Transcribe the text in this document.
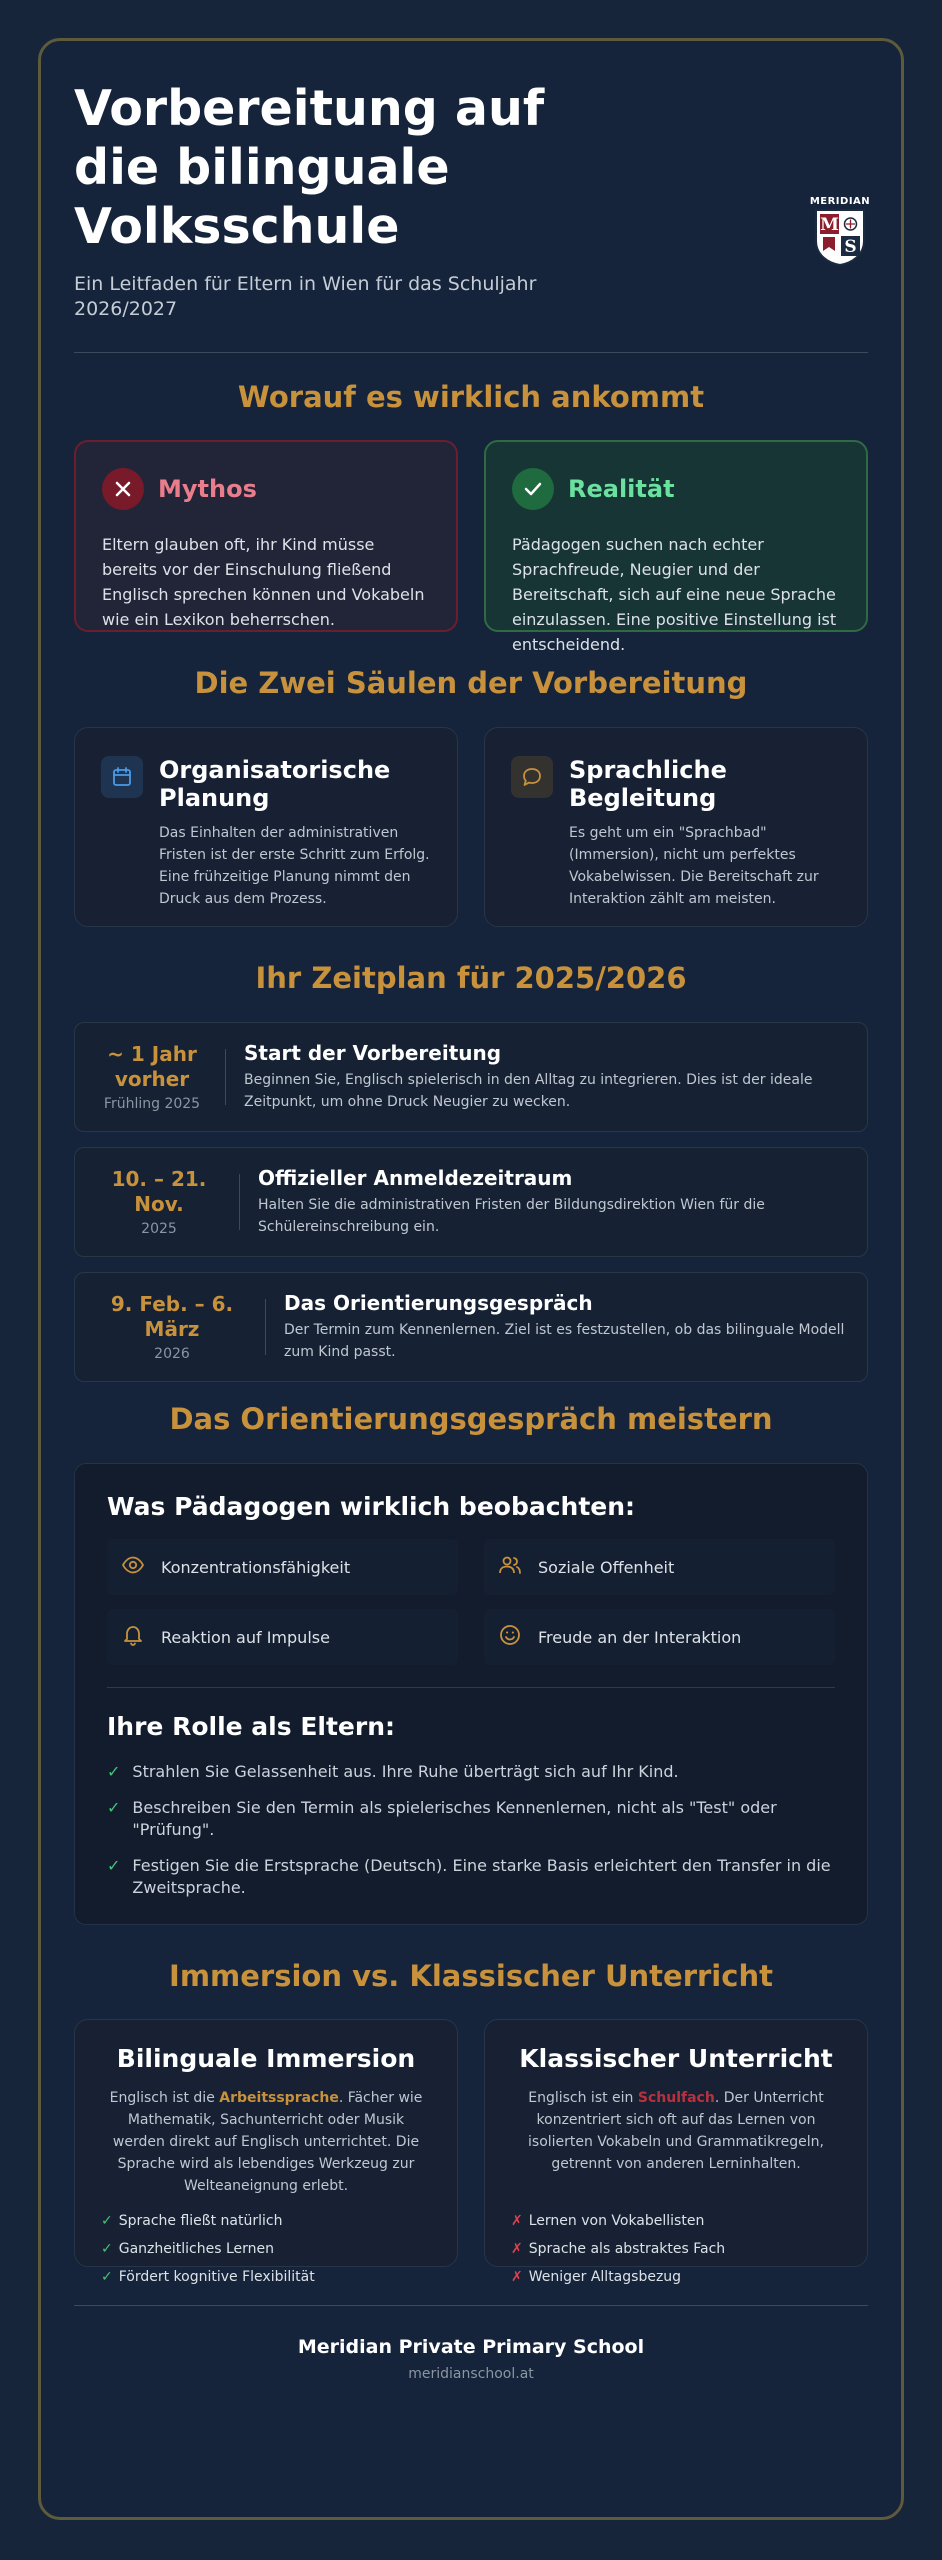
Vorbereitung auf die bilinguale Volksschule

Ein Leitfaden für Eltern in Wien für das Schuljahr 2026/2027

MERIDIAN
M
S
Worauf es wirklich ankommt
Mythos

Eltern glauben oft, ihr Kind müsse bereits vor der Einschulung fließend Englisch sprechen können und Vokabeln wie ein Lexikon beherrschen.

Realität

Pädagogen suchen nach echter Sprachfreude, Neugier und der Bereitschaft, sich auf eine neue Sprache einzulassen. Eine positive Einstellung ist entscheidend.

Die Zwei Säulen der Vorbereitung
Organisatorische Planung
Das Einhalten der administrativen Fristen ist der erste Schritt zum Erfolg. Eine frühzeitige Planung nimmt den Druck aus dem Prozess.
Sprachliche Begleitung
Es geht um ein "Sprachbad" (Immersion), nicht um perfektes Vokabelwissen. Die Bereitschaft zur Interaktion zählt am meisten.
Ihr Zeitplan für 2025/2026
~ 1 Jahr vorher
Frühling 2025
Start der Vorbereitung
Beginnen Sie, Englisch spielerisch in den Alltag zu integrieren. Dies ist der ideale Zeitpunkt, um ohne Druck Neugier zu wecken.
10. – 21. Nov.
2025
Offizieller Anmeldezeitraum
Halten Sie die administrativen Fristen der Bildungsdirektion Wien für die Schülereinschreibung ein.
9. Feb. – 6. März
2026
Das Orientierungsgespräch
Der Termin zum Kennenlernen. Ziel ist es festzustellen, ob das bilinguale Modell zum Kind passt.
Das Orientierungsgespräch meistern
Was Pädagogen wirklich beobachten:
Konzentrationsfähigkeit	Soziale Offenheit
Reaktion auf Impulse	Freude an der Interaktion
Ihre Rolle als Eltern:
✓ Strahlen Sie Gelassenheit aus. Ihre Ruhe überträgt sich auf Ihr Kind.
✓ Beschreiben Sie den Termin als spielerisches Kennenlernen, nicht als "Test" oder "Prüfung".
✓ Festigen Sie die Erstsprache (Deutsch). Eine starke Basis erleichtert den Transfer in die Zweitsprache.
Immersion vs. Klassischer Unterricht
Bilinguale Immersion

Englisch ist die Arbeitssprache. Fächer wie Mathematik, Sachunterricht oder Musik werden direkt auf Englisch unterrichtet. Die Sprache wird als lebendiges Werkzeug zur Welteaneignung erlebt.

✓ Sprache fließt natürlich
✓ Ganzheitliches Lernen
✓ Fördert kognitive Flexibilität
Klassischer Unterricht

Englisch ist ein Schulfach. Der Unterricht konzentriert sich oft auf das Lernen von isolierten Vokabeln und Grammatikregeln, getrennt von anderen Lerninhalten.

✗ Lernen von Vokabellisten
✗ Sprache als abstraktes Fach
✗ Weniger Alltagsbezug
Meridian Private Primary School
meridianschool.at
